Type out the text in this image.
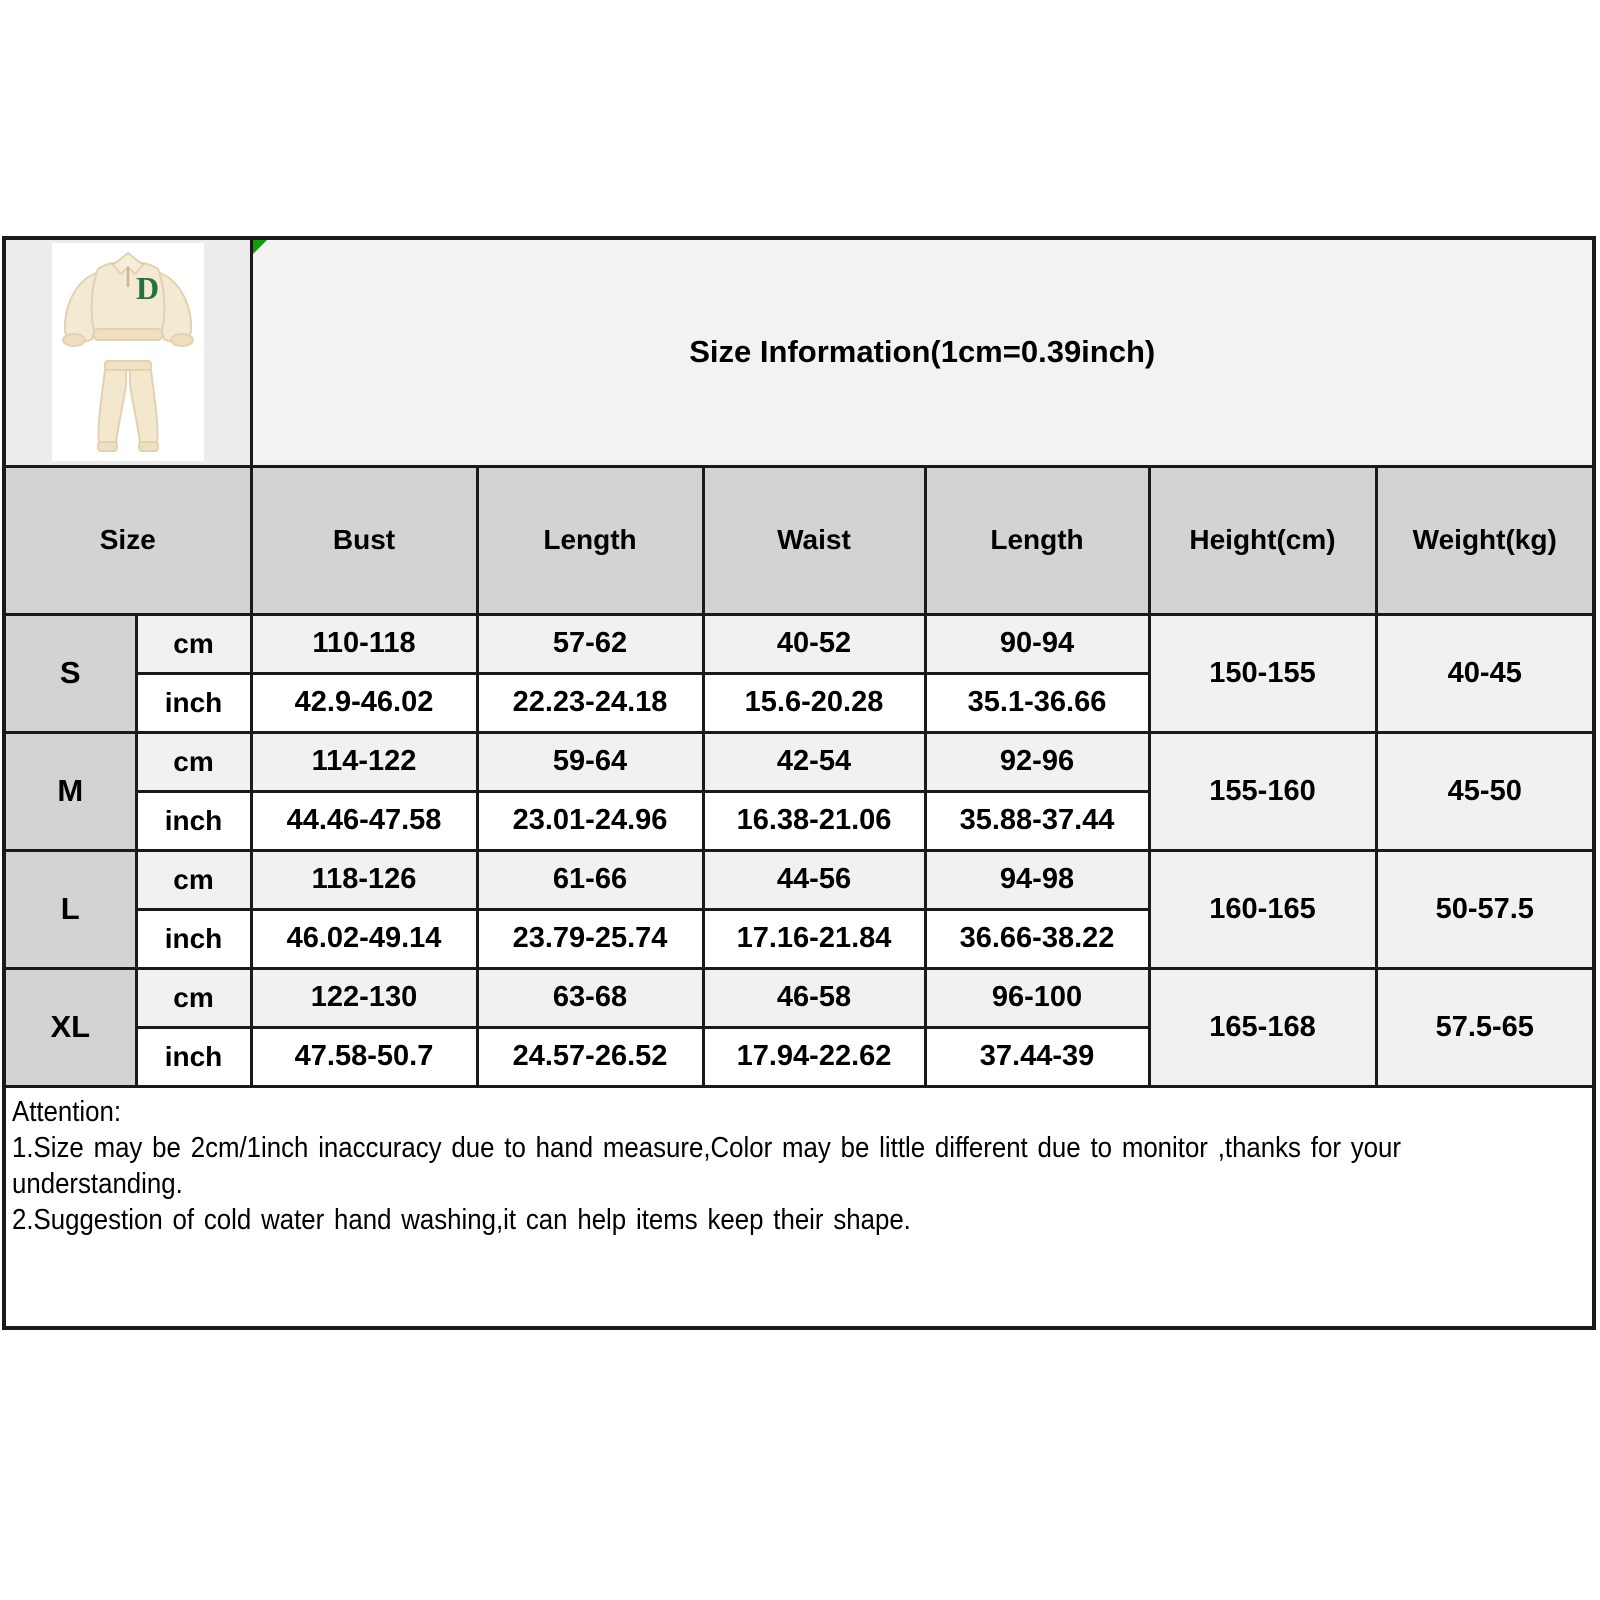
D		Size Information(1cm=0.39inch)					
Size		Bust	Length	Waist	Length	Height(cm)	Weight(kg)
S	cm	110-118	57-62	40-52	90-94	150-155	40-45
	inch	42.9-46.02	22.23-24.18	15.6-20.28	35.1-36.66		
M	cm	114-122	59-64	42-54	92-96	155-160	45-50
	inch	44.46-47.58	23.01-24.96	16.38-21.06	35.88-37.44		
L	cm	118-126	61-66	44-56	94-98	160-165	50-57.5
	inch	46.02-49.14	23.79-25.74	17.16-21.84	36.66-38.22		
XL	cm	122-130	63-68	46-58	96-100	165-168	57.5-65
	inch	47.58-50.7	24.57-26.52	17.94-22.62	37.44-39		

Attention:
1.Size may be 2cm/1inch inaccuracy due to hand measure,Color may be little different due to monitor ,thanks for your
understanding.
2.Suggestion of cold water hand washing,it can help items keep their shape.							
